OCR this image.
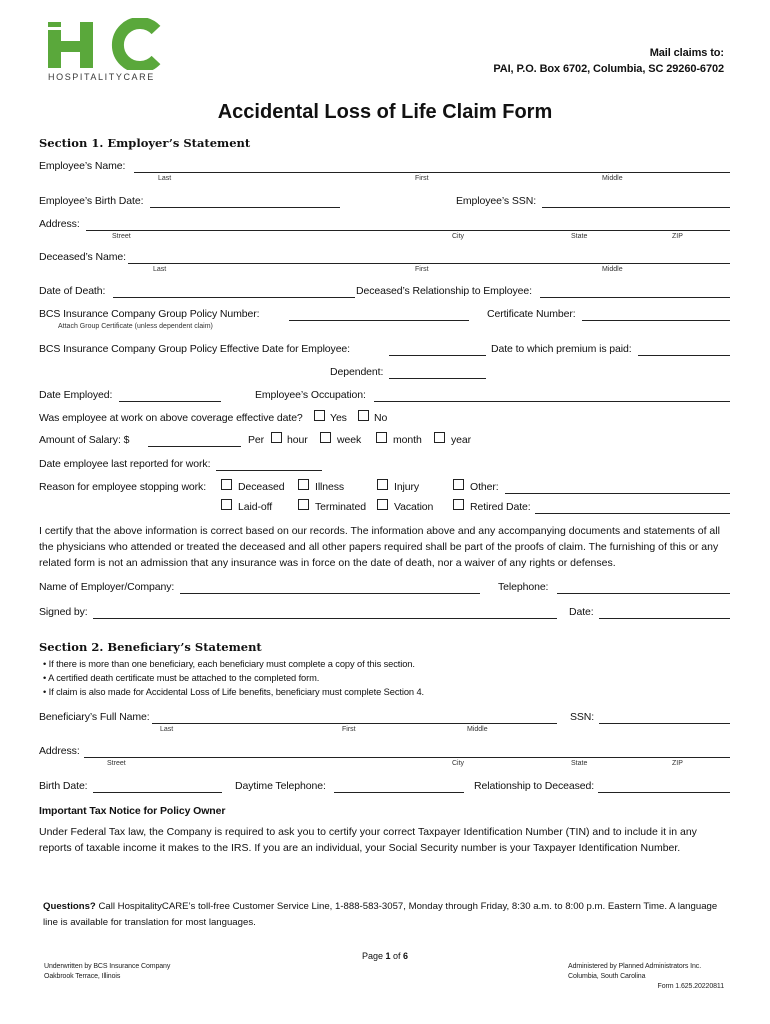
HOSPITALITYCARE
Mail claims to:
PAI, P.O. Box 6702, Columbia, SC 29260-6702
Accidental Loss of Life Claim Form
Section 1. Employer’s Statement
Employee’s Name:
Last	First	Middle
Employee’s Birth Date:	Employee’s SSN:
Address:
Street	City	State	ZIP
Deceased’s Name:
Last	First	Middle
Date of Death:	Deceased’s Relationship to Employee:
BCS Insurance Company Group Policy Number:	Certificate Number:
Attach Group Certificate (unless dependent claim)
BCS Insurance Company Group Policy Effective Date for Employee:	Date to which premium is paid:
Dependent:
Date Employed:	Employee’s Occupation:
Was employee at work on above coverage effective date?	Yes	No
Amount of Salary: $	Per hour	week	month	year
Date employee last reported for work:
Reason for employee stopping work:	Deceased	Illness	Injury	Other:
Laid-off	Terminated	Vacation	Retired Date:
I certify that the above information is correct based on our records. The information above and any accompanying documents and statements of all the physicians who attended or treated the deceased and all other papers required shall be part of the proofs of claim. The furnishing of this or any related form is not an admission that any insurance was in force on the date of death, nor a waiver of any rights or defenses.
Name of Employer/Company:	Telephone:
Signed by:	Date:
Section 2. Beneficiary’s Statement
• If there is more than one beneficiary, each beneficiary must complete a copy of this section.
• A certified death certificate must be attached to the completed form.
• If claim is also made for Accidental Loss of Life benefits, beneficiary must complete Section 4.
Beneficiary’s Full Name:	SSN:
Last	First	Middle
Address:
Street	City	State	ZIP
Birth Date:	Daytime Telephone:	Relationship to Deceased:
Important Tax Notice for Policy Owner
Under Federal Tax law, the Company is required to ask you to certify your correct Taxpayer Identification Number (TIN) and to include it in any reports of taxable income it makes to the IRS. If you are an individual, your Social Security number is your Taxpayer Identification Number.
Questions? Call HospitalityCARE’s toll-free Customer Service Line, 1-888-583-3057, Monday through Friday, 8:30 a.m. to 8:00 p.m. Eastern Time. A language line is available for translation for most languages.
Page 1 of 6
Underwritten by BCS Insurance Company
Oakbrook Terrace, Illinois
Administered by Planned Administrators Inc.
Columbia, South Carolina
Form 1.625.20220811
